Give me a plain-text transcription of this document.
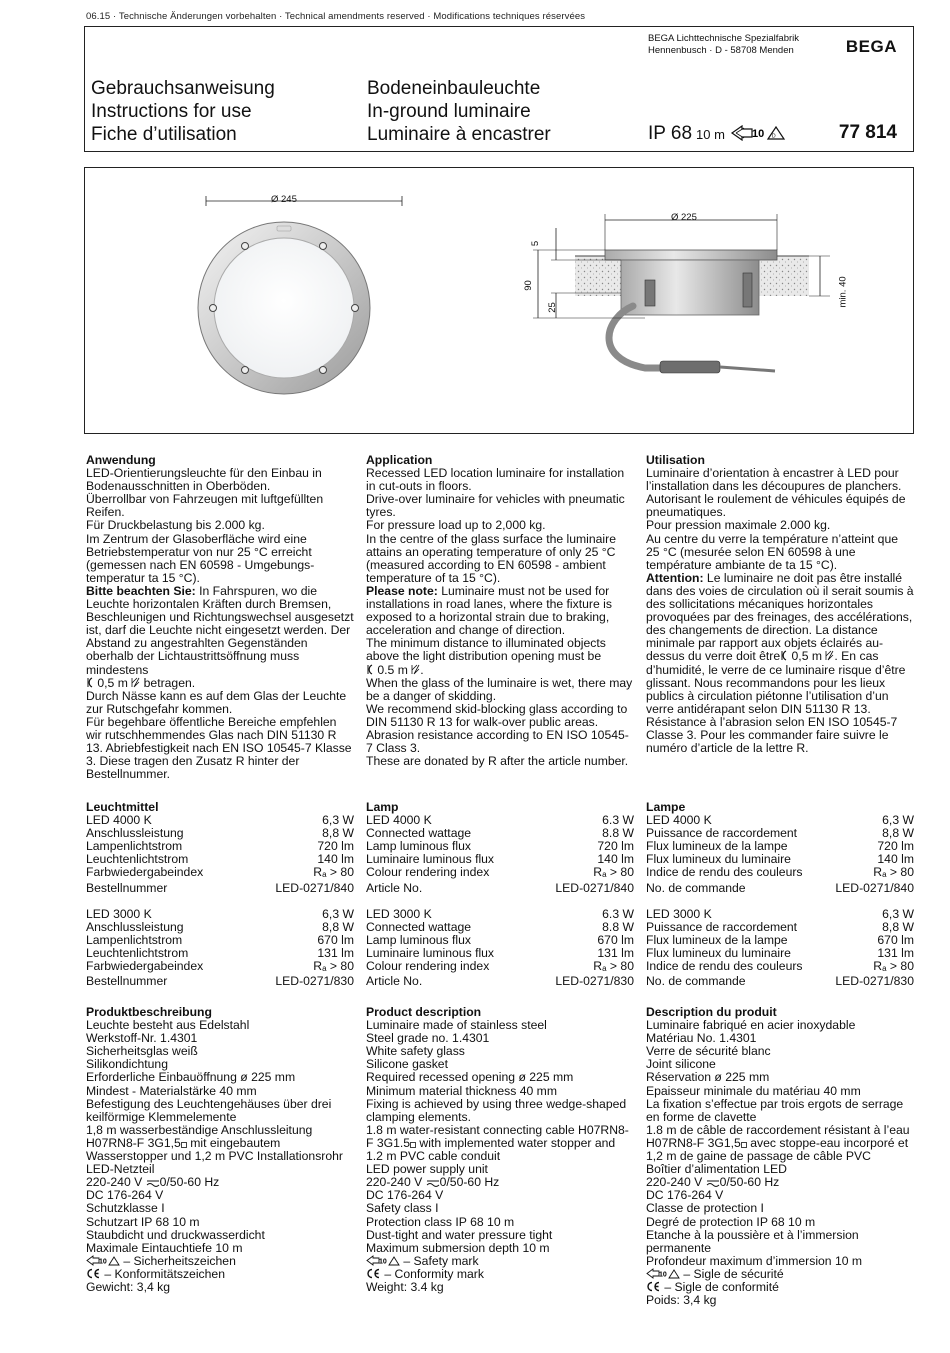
06.15 · Technische Änderungen vorbehalten · Technical amendments reserved · Modifications techniques réservées
BEGA Lichttechnische Spezialfabrik
Hennenbusch · D - 58708 Menden	BEGA
Gebrauchsanweisung
Instructions for use
Fiche d’utilisation
Bodeneinbauleuchte
In-ground luminaire
Luminaire à encastrer	IP 68 10 m 10 D	77 814
Ø 245
Ø 225
90
5
25	min. 40
Anwendung
LED-Orientierungsleuchte für den Einbau in Bodenausschnitten in Oberböden.
Überrollbar von Fahrzeugen mit luftgefüllten Reifen.
Für Druckbelastung bis 2.000 kg.
Im Zentrum der Glasoberfläche wird eine Betriebstemperatur von nur 25 °C erreicht (gemessen nach EN 60598 - Umgebungs-temperatur ta 15 °C).
Bitte beachten Sie: In Fahrspuren, wo die Leuchte horizontalen Kräften durch Bremsen, Beschleunigen und Richtungswechsel ausgesetzt ist, darf die Leuchte nicht eingesetzt werden. Der Abstand zu angestrahlten Gegenständen oberhalb der Lichtaustrittsöffnung muss mindestens
0,5 m  betragen.
Durch Nässe kann es auf dem Glas der Leuchte zur Rutschgefahr kommen.
Für begehbare öffentliche Bereiche empfehlen wir rutschhemmendes Glas nach DIN 51130 R 13. Abriebfestigkeit nach EN ISO 10545-7 Klasse 3. Diese tragen den Zusatz R hinter der Bestellnummer.
Leuchtmittel
LED 4000 K	6,3 W
Anschlussleistung	8,8 W
Lampenlichtstrom	720 lm
Leuchtenlichtstrom	140 lm
Farbwiedergabeindex	$R_a > 80$
Bestellnummer	LED-0271/840
LED 3000 K	6,3 W
Anschlussleistung	8,8 W
Lampenlichtstrom	670 lm
Leuchtenlichtstrom	131 lm
Farbwiedergabeindex	$R_a > 80$
Bestellnummer	LED-0271/830
Produktbeschreibung
Leuchte besteht aus Edelstahl
Werkstoff-Nr. 1.4301
Sicherheitsglas weiß
Silikondichtung
Erforderliche Einbauöffnung ø 225 mm
Mindest - Materialstärke 40 mm
Befestigung des Leuchtengehäuses über drei keilförmige Klemmelemente
1,8 m wasserbeständige Anschlussleitung H07RN8-F 3G1,5 mit eingebautem Wasserstopper und 1,2 m PVC Installationsrohr
LED-Netzteil
220-240 V 0/50-60 Hz
DC 176-264 V
Schutzklasse I
Schutzart IP 68 10 m
Staubdicht und druckwasserdicht
Maximale Eintauchtiefe 10 m
10 – Sicherheitszeichen
– Konformitätszeichen
Gewicht: 3,4 kg
Application
Recessed LED location luminaire for installation in cut-outs in floors.
Drive-over luminaire for vehicles with pneumatic tyres.
For pressure load up to 2,000 kg.
In the centre of the glass surface the luminaire attains an operating temperature of only 25 °C (measured according to EN 60598 - ambient temperature of ta 15 °C).
Please note: Luminaire must not be used for installations in road lanes, where the fixture is exposed to a horizontal strain due to braking, acceleration and change of direction.
The minimum distance to illuminated objects above the light distribution opening must be
0.5 m .
When the glass of the luminaire is wet, there may be a danger of skidding.
We recommend skid-blocking glass according to DIN 51130 R 13 for walk-over public areas.
Abrasion resistance according to EN ISO 10545-7 Class 3.
These are donated by R after the article number.
Lamp
LED 4000 K	6.3 W
Connected wattage	8.8 W
Lamp luminous flux	720 lm
Luminaire luminous flux	140 lm
Colour rendering index	$R_a > 80$
Article No.	LED-0271/840
LED 3000 K	6.3 W
Connected wattage	8.8 W
Lamp luminous flux	670 lm
Luminaire luminous flux	131 lm
Colour rendering index	$R_a > 80$
Article No.	LED-0271/830
Product description
Luminaire made of stainless steel
Steel grade no. 1.4301
White safety glass
Silicone gasket
Required recessed opening ø 225 mm
Minimum material thickness 40 mm
Fixing is achieved by using three wedge-shaped clamping elements.
1.8 m water-resistant connecting cable H07RN8-F 3G1.5 with implemented water stopper and 1.2 m PVC cable conduit
LED power supply unit
220-240 V 0/50-60 Hz
DC 176-264 V
Safety class I
Protection class IP 68 10 m
Dust-tight and water pressure tight
Maximum submersion depth 10 m
10 – Safety mark
– Conformity mark
Weight: 3.4 kg
Utilisation
Luminaire d’orientation à encastrer à LED pour l’installation dans les découpures de planchers.
Autorisant le roulement de véhicules équipés de pneumatiques.
Pour pression maximale 2.000 kg.
Au centre du verre la température n’atteint que 25 °C (mesurée selon EN 60598 à une température ambiante de ta 15 °C).
Attention: Le luminaire ne doit pas être installé dans des voies de circulation où il serait soumis à des sollicitations mécaniques horizontales provoquées par des freinages, des accélérations, des changements de direction. La distance minimale par rapport aux objets éclairés au-dessus du verre doit être 0,5 m . En cas d’humidité, le verre de ce luminaire risque d’être glissant. Nous recommandons pour les lieux publics à circulation piétonne l’utilisation d’un verre antidérapant selon DIN 51130 R 13.
Résistance à l’abrasion selon EN ISO 10545-7 Classe 3. Pour les commander faire suivre le numéro d’article de la lettre R.
Lampe
LED 4000 K	6,3 W
Puissance de raccordement	8,8 W
Flux lumineux de la lampe	720 lm
Flux lumineux du luminaire	140 lm
Indice de rendu des couleurs	$R_a > 80$
No. de commande	LED-0271/840
LED 3000 K	6,3 W
Puissance de raccordement	8,8 W
Flux lumineux de la lampe	670 lm
Flux lumineux du luminaire	131 lm
Indice de rendu des couleurs	$R_a > 80$
No. de commande	LED-0271/830
Description du produit
Luminaire fabriqué en acier inoxydable
Matériau No. 1.4301
Verre de sécurité blanc
Joint silicone
Réservation ø 225 mm
Epaisseur minimale du matériau 40 mm
La fixation s’effectue par trois ergots de serrage en forme de clavette
1.8 m de câble de raccordement résistant à l’eau H07RN8-F 3G1,5 avec stoppe-eau incorporé et 1,2 m de gaine de passage de câble PVC
Boîtier d’alimentation LED
220-240 V 0/50-60 Hz
DC 176-264 V
Classe de protection I
Degré de protection IP 68 10 m
Etanche à la poussière et à l’immersion permanente
Profondeur maximum d’immersion 10 m
10 – Sigle de sécurité
– Sigle de conformité
Poids: 3,4 kg
